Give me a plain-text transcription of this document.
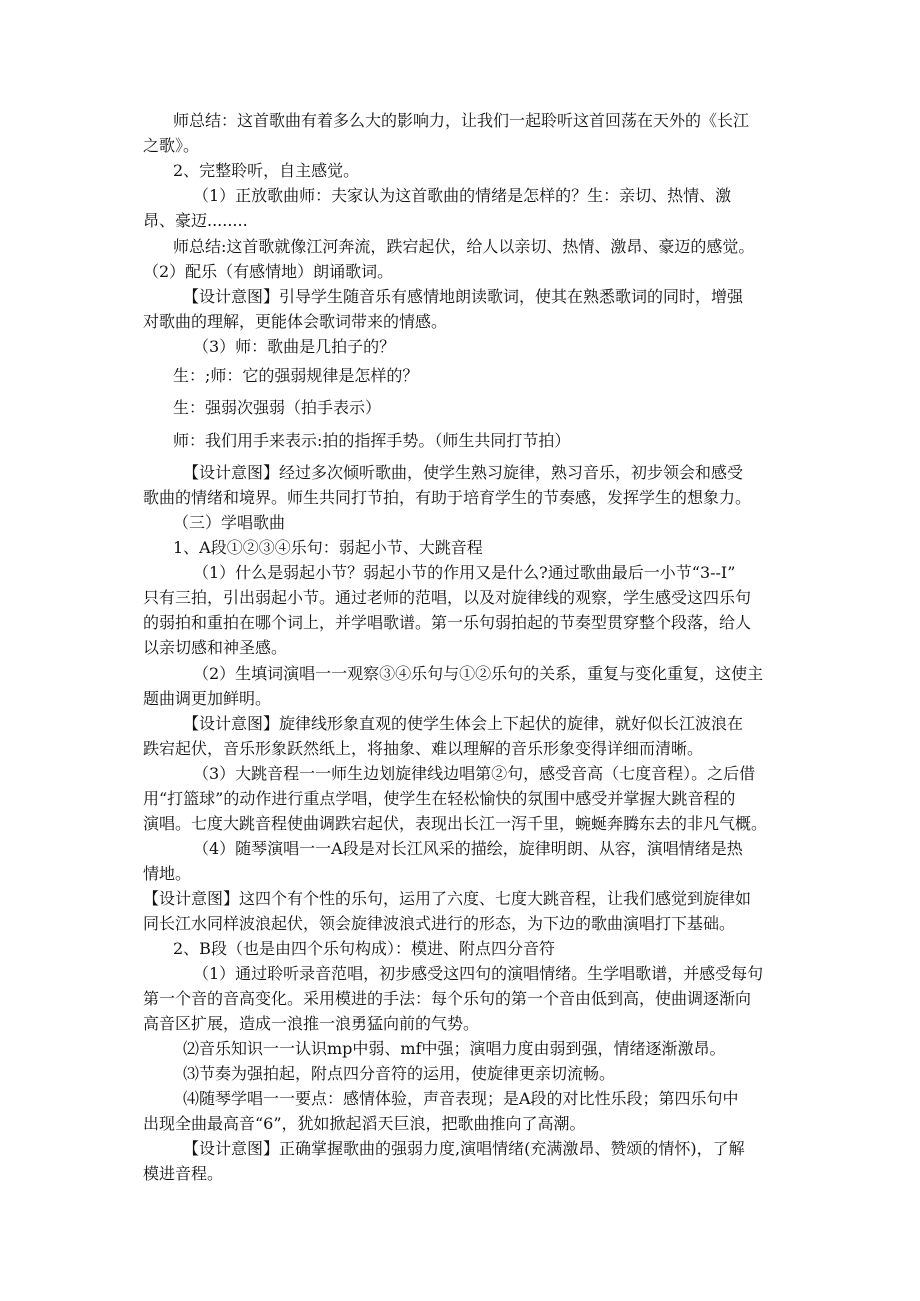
师总结：这首歌曲有着多么大的影响力，让我们一起聆听这首回荡在天外的《长江

之歌》。

2、完整聆听，自主感觉。

（1）正放歌曲师：夫家认为这首歌曲的情绪是怎样的？生：亲切、热情、激

昂、豪迈........

师总结:这首歌就像江河奔流，跌宕起伏，给人以亲切、热情、激昂、豪迈的感觉。

（2）配乐（有感情地）朗诵歌词。

【设计意图】引导学生随音乐有感情地朗读歌词，使其在熟悉歌词的同时，增强

对歌曲的理解，更能体会歌词带来的情感。

（3）师：歌曲是几拍子的？

生：;师：它的强弱规律是怎样的？

生：强弱次强弱（拍手表示）

师：我们用手来表示:拍的指挥手势。（师生共同打节拍）

【设计意图】经过多次倾听歌曲，使学生熟习旋律，熟习音乐，初步领会和感受

歌曲的情绪和境界。师生共同打节拍，有助于培育学生的节奏感，发挥学生的想象力。

（三）学唱歌曲

1、A段①②③④乐句：弱起小节、大跳音程

（1）什么是弱起小节？弱起小节的作用又是什么?通过歌曲最后一小节“3--I”

只有三拍，引出弱起小节。通过老师的范唱，以及对旋律线的观察，学生感受这四乐句

的弱拍和重拍在哪个词上，并学唱歌谱。第一乐句弱拍起的节奏型贯穿整个段落，给人

以亲切感和神圣感。

（2）生填词演唱一一观察③④乐句与①②乐句的关系，重复与变化重复，这使主

题曲调更加鲜明。

【设计意图】旋律线形象直观的使学生体会上下起伏的旋律，就好似长江波浪在

跌宕起伏，音乐形象跃然纸上，将抽象、难以理解的音乐形象变得详细而清晰。

（3）大跳音程一一师生边划旋律线边唱第②句，感受音高（七度音程）。之后借

用“打篮球”的动作进行重点学唱，使学生在轻松愉快的氛围中感受并掌握大跳音程的

演唱。七度大跳音程使曲调跌宕起伏，表现出长江一泻千里，蜿蜒奔腾东去的非凡气概。

（4）随琴演唱一一A段是对长江风采的描绘，旋律明朗、从容，演唱情绪是热

情地。

【设计意图】这四个有个性的乐句，运用了六度、七度大跳音程，让我们感觉到旋律如

同长江水同样波浪起伏，领会旋律波浪式进行的形态，为下边的歌曲演唱打下基础。

2、B段（也是由四个乐句构成）：模进、附点四分音符

（1）通过聆听录音范唱，初步感受这四句的演唱情绪。生学唱歌谱，并感受每句

第一个音的音高变化。采用模进的手法：每个乐句的第一个音由低到高，使曲调逐渐向

高音区扩展，造成一浪推一浪勇猛向前的气势。

⑵音乐知识一一认识mp中弱、mf中强；演唱力度由弱到强，情绪逐渐激昂。

⑶节奏为强拍起，附点四分音符的运用，使旋律更亲切流畅。

⑷随琴学唱一一要点：感情体验，声音表现；是A段的对比性乐段；第四乐句中

出现全曲最高音“6”，犹如掀起滔天巨浪，把歌曲推向了高潮。

【设计意图】正确掌握歌曲的强弱力度,演唱情绪(充满激昂、赞颂的情怀)，了解

模进音程。
